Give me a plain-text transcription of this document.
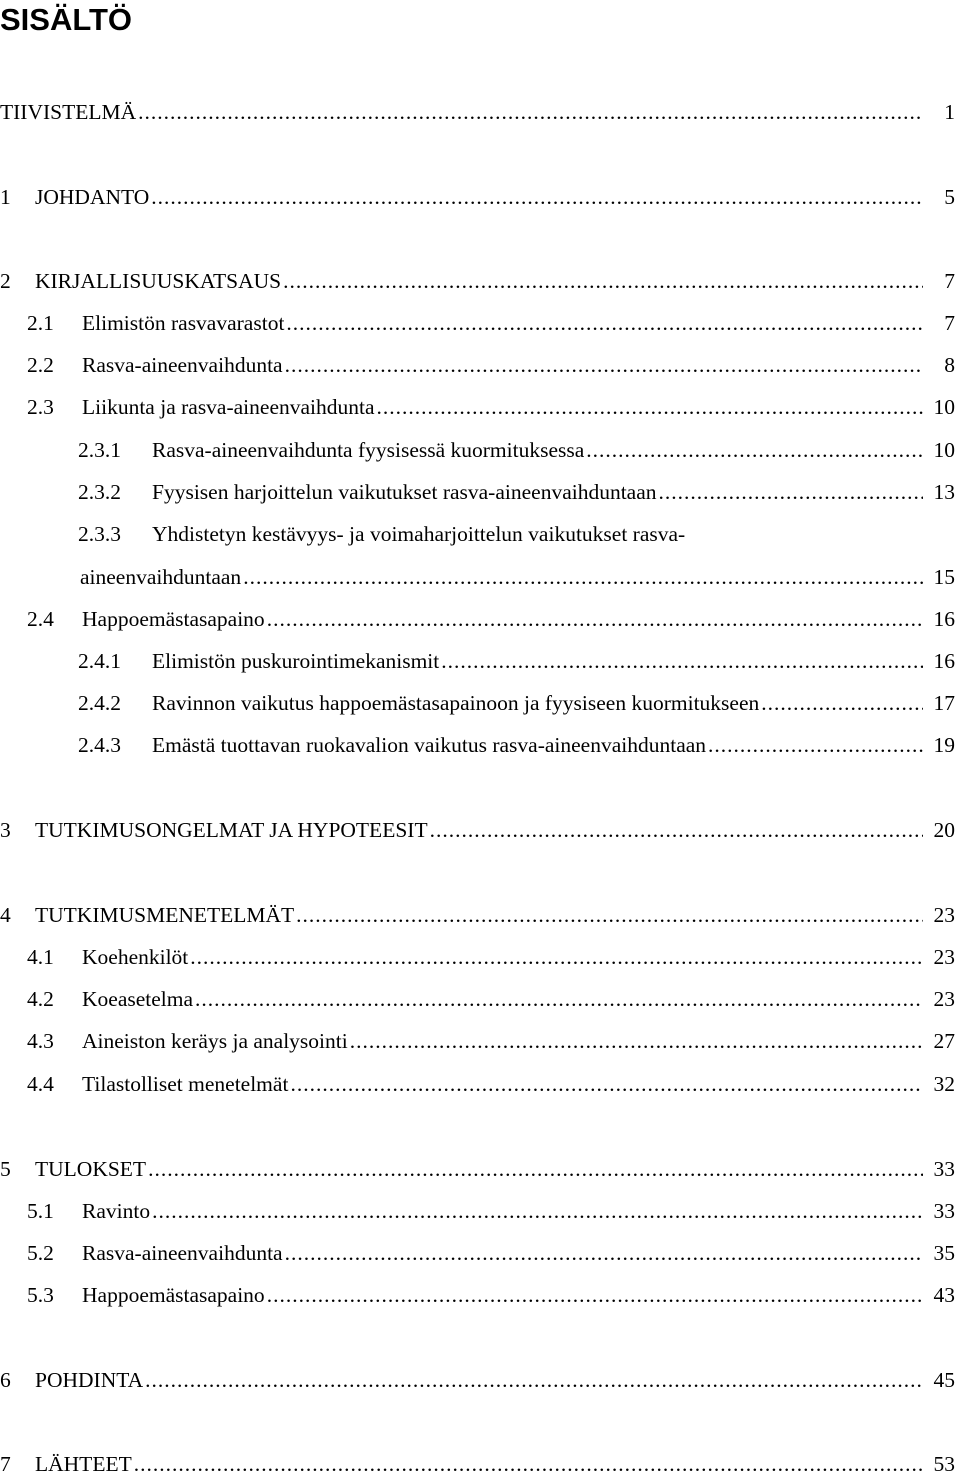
SISÄLTÖ
TIIVISTELMÄ .....	1
1 JOHDANTO .....	5
2 KIRJALLISUUSKATSAUS .....	7
2.1 Elimistön rasvavarastot .....	7
2.2 Rasva-aineenvaihdunta .....	8
2.3 Liikunta ja rasva-aineenvaihdunta .....	10
2.3.1 Rasva-aineenvaihdunta fyysisessä kuormituksessa .....	10
2.3.2 Fyysisen harjoittelun vaikutukset rasva-aineenvaihduntaan .....	13
2.3.3 Yhdistetyn kestävyys- ja voimaharjoittelun vaikutukset rasva-
aineenvaihduntaan .....	15
2.4 Happoemästasapaino .....	16
2.4.1 Elimistön puskurointimekanismit .....	16
2.4.2 Ravinnon vaikutus happoemästasapainoon ja fyysiseen kuormitukseen .....	17
2.4.3 Emästä tuottavan ruokavalion vaikutus rasva-aineenvaihduntaan .....	19
3 TUTKIMUSONGELMAT JA HYPOTEESIT .....	20
4 TUTKIMUSMENETELMÄT .....	23
4.1 Koehenkilöt .....	23
4.2 Koeasetelma .....	23
4.3 Aineiston keräys ja analysointi .....	27
4.4 Tilastolliset menetelmät .....	32
5 TULOKSET .....	33
5.1 Ravinto .....	33
5.2 Rasva-aineenvaihdunta .....	35
5.3 Happoemästasapaino .....	43
6 POHDINTA .....	45
7 LÄHTEET .....	53
